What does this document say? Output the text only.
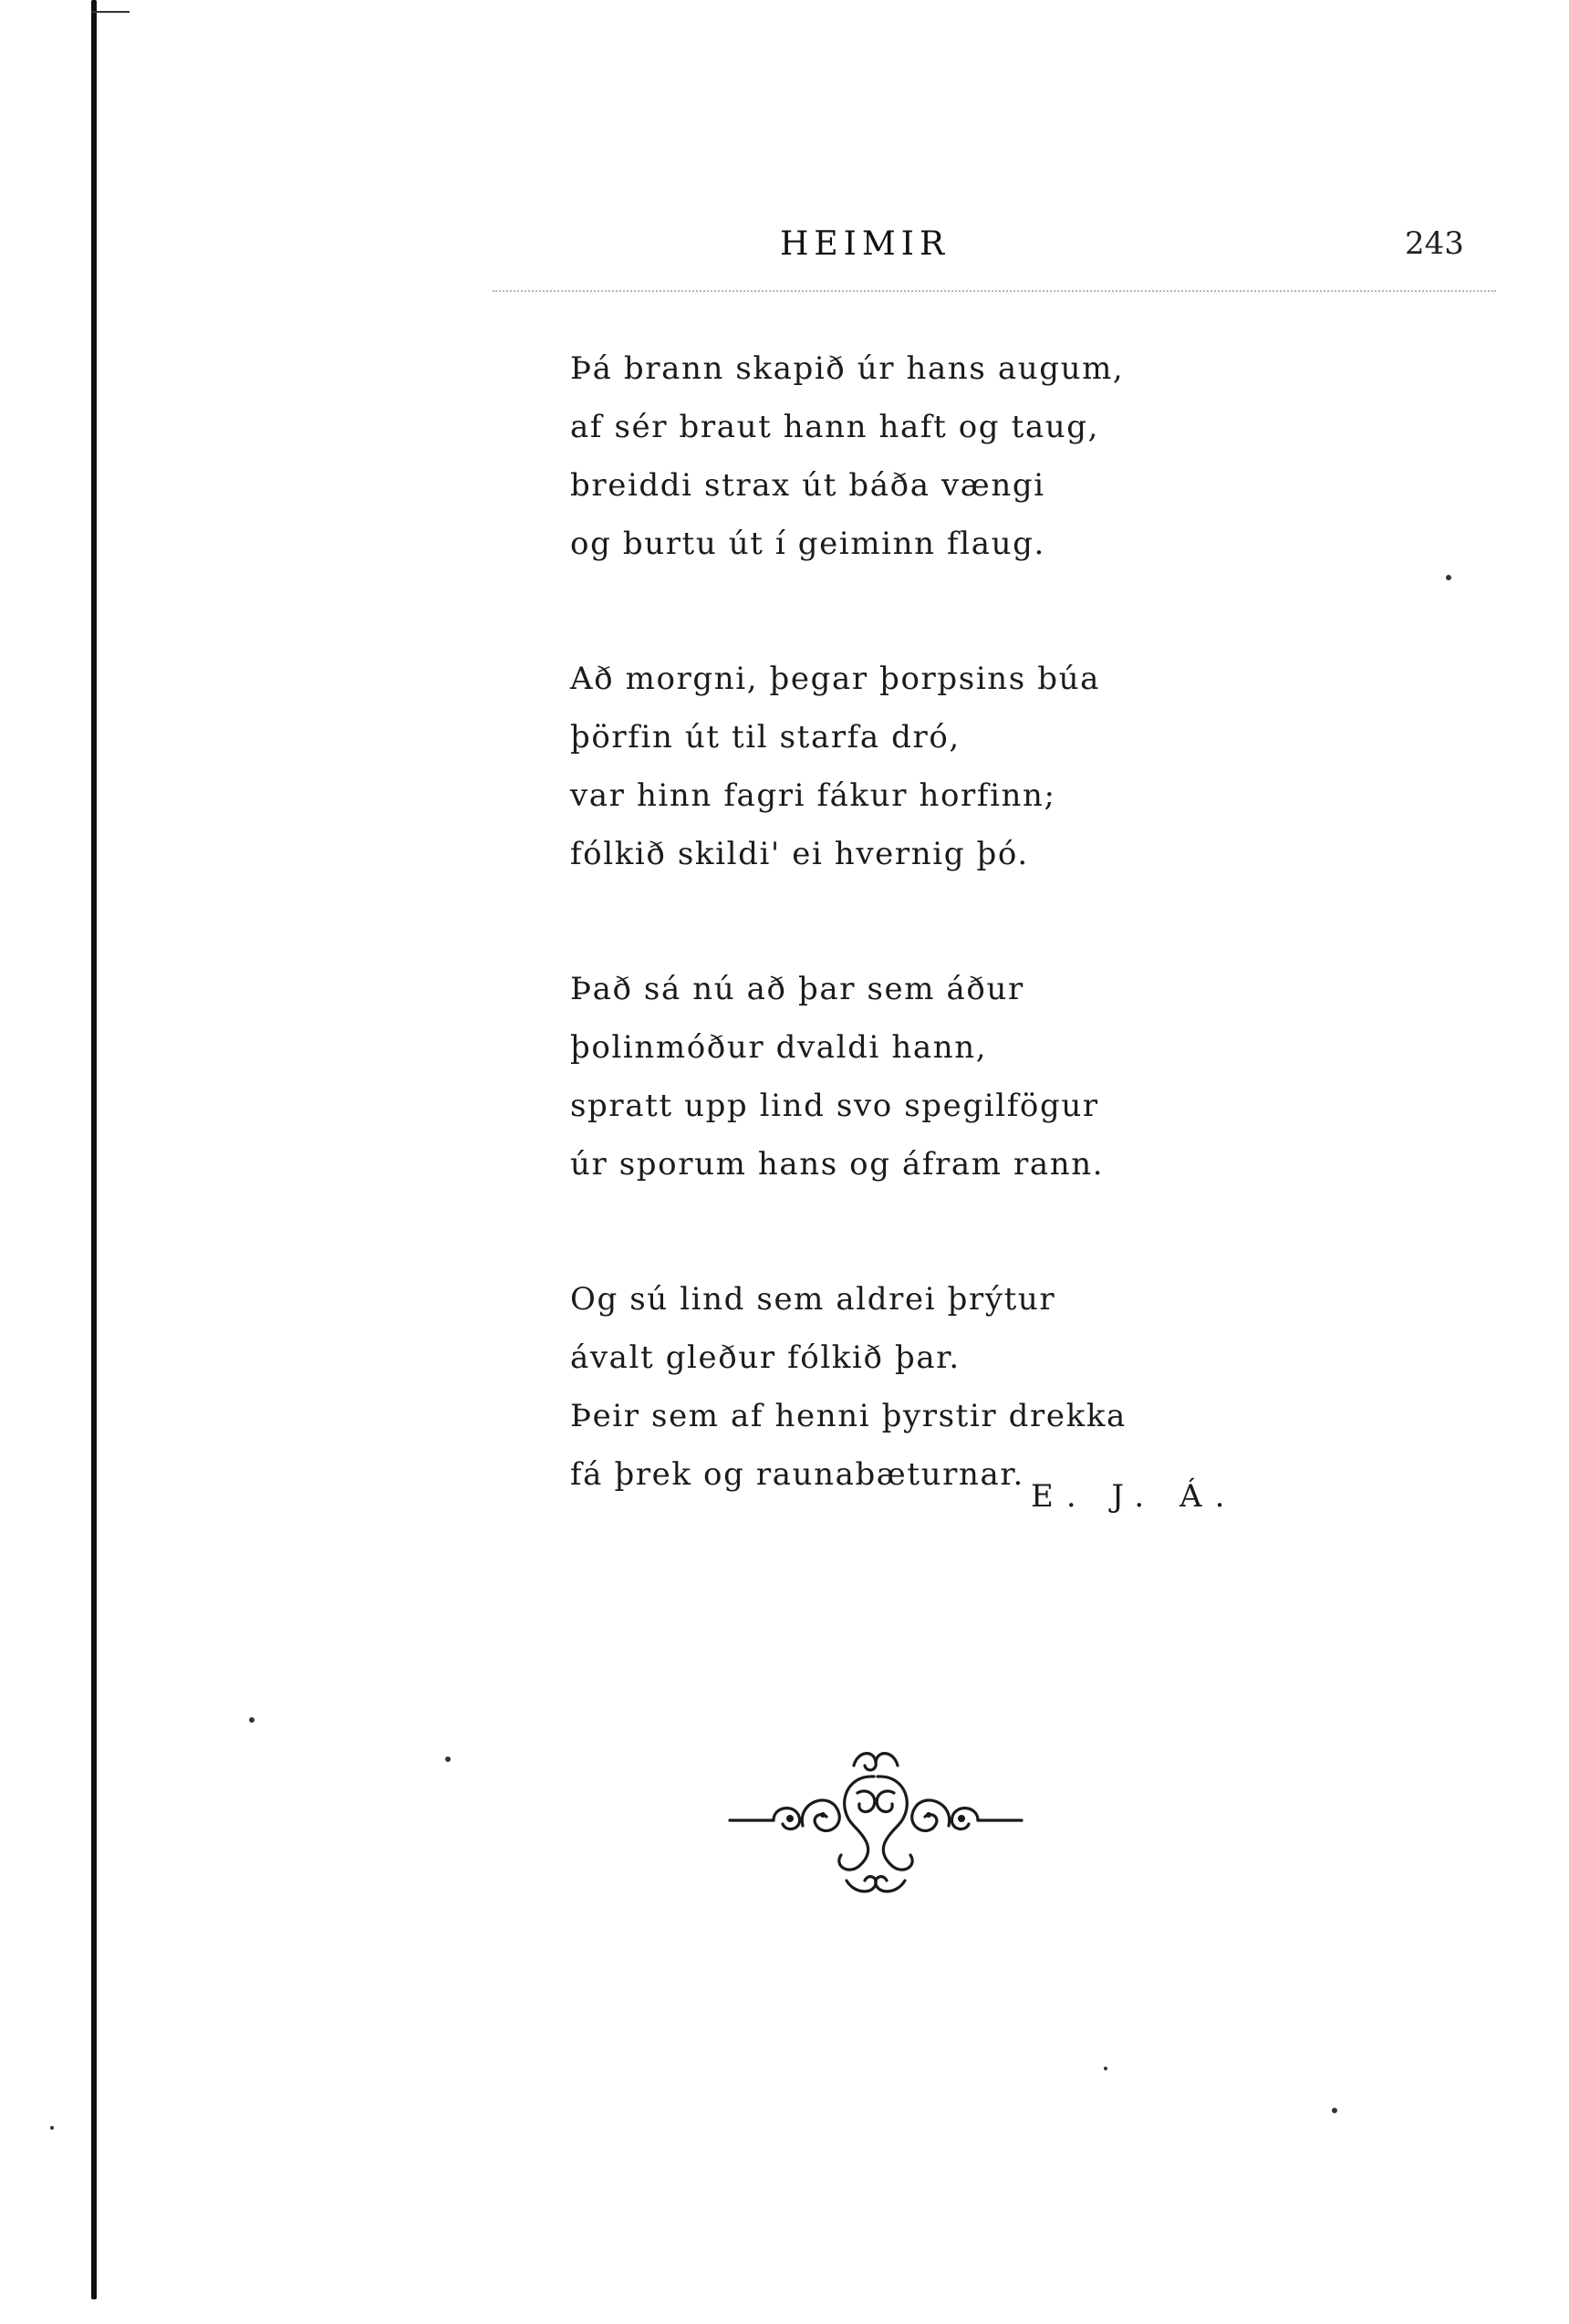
HEIMIR	243
Þá brann skapið úr hans augum,
af sér braut hann haft og taug,
breiddi strax út báða vængi
og burtu út í geiminn flaug.
Að morgni, þegar þorpsins búa
þörfin út til starfa dró,
var hinn fagri fákur horfinn;
fólkið skildi' ei hvernig þó.
Það sá nú að þar sem áður
þolinmóður dvaldi hann,
spratt upp lind svo spegilfögur
úr sporum hans og áfram rann.
Og sú lind sem aldrei þrýtur
ávalt gleður fólkið þar.
Þeir sem af henni þyrstir drekka
fá þrek og raunabæturnar.
E. J. Á.
